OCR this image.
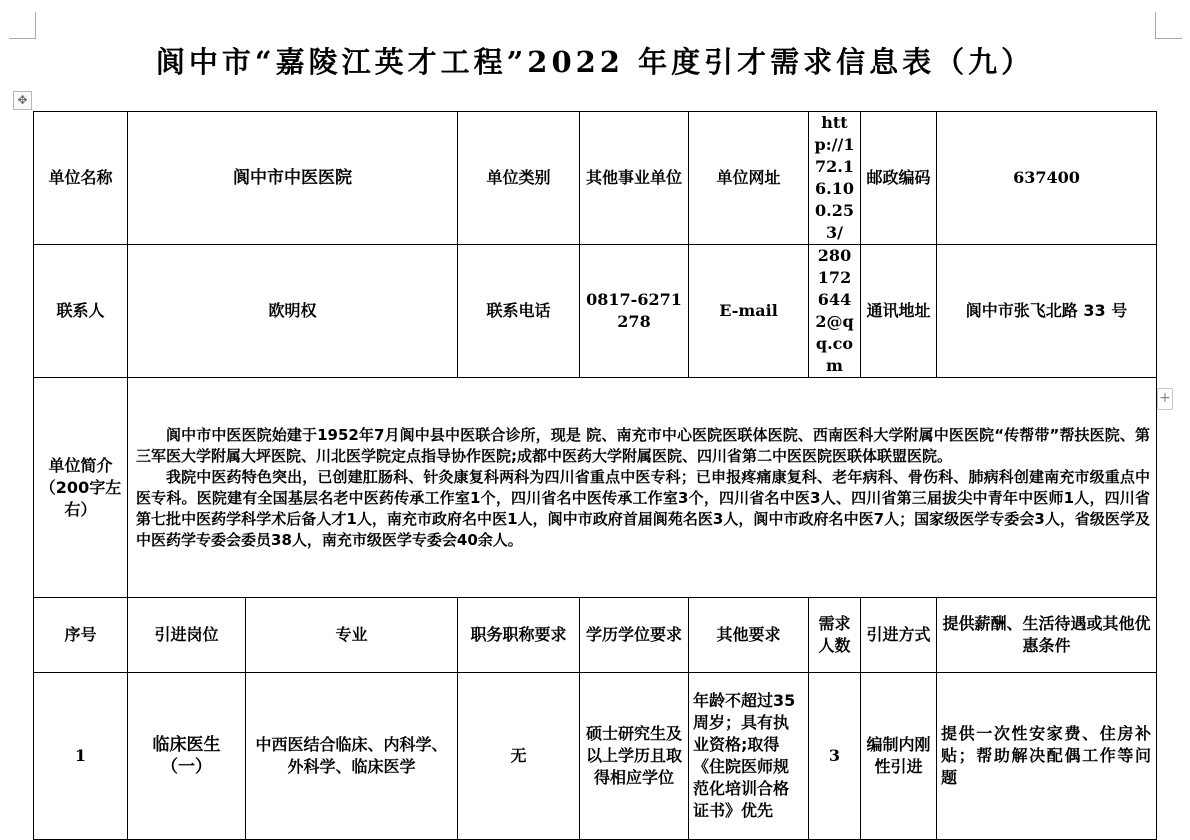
阆中市“嘉陵江英才工程”2022 年度引才需求信息表（九）
✥
+
单位名称	阆中市中医医院		单位类别	其他事业单位	单位网址	http://172.16.100.253/	邮政编码	637400
联系人	欧明权		联系电话	0817-6271278	E-mail	2801726442@qq.com	通讯地址	阆中市张飞北路 33 号
单位简介（200字左右）	阆中市中医医院始建于1952年7月阆中县中医联合诊所，现是 院、南充市中心医院医联体医院、西南医科大学附属中医医院“传帮带”帮扶医院、第三军医大学附属大坪医院、川北医学院定点指导协作医院;成都中医药大学附属医院、四川省第二中医医院医联体联盟医院。

我院中医药特色突出，已创建肛肠科、针灸康复科两科为四川省重点中医专科；已申报疼痛康复科、老年病科、骨伤科、肺病科创建南充市级重点中医专科。医院建有全国基层名老中医药传承工作室1个，四川省名中医传承工作室3个，四川省名中医3人、四川省第三届拔尖中青年中医师1人，四川省第七批中医药学科学术后备人才1人，南充市政府名中医1人，阆中市政府首届阆苑名医3人，阆中市政府名中医7人；国家级医学专委会3人，省级医学及中医药学专委会委员38人，南充市级医学专委会40余人。							

序号	引进岗位	专业	职务职称要求	学历学位要求	其他要求	需求人数	引进方式	提供薪酬、生活待遇或其他优惠条件
1	临床医生（一）	中西医结合临床、内科学、外科学、临床医学	无	硕士研究生及以上学历且取得相应学位	年龄不超过35 周岁；具有执业资格;取得《住院医师规范化培训合格证书》优先	3	编制内刚性引进	提供一次性安家费、住房补贴；帮助解决配偶工作等问题
